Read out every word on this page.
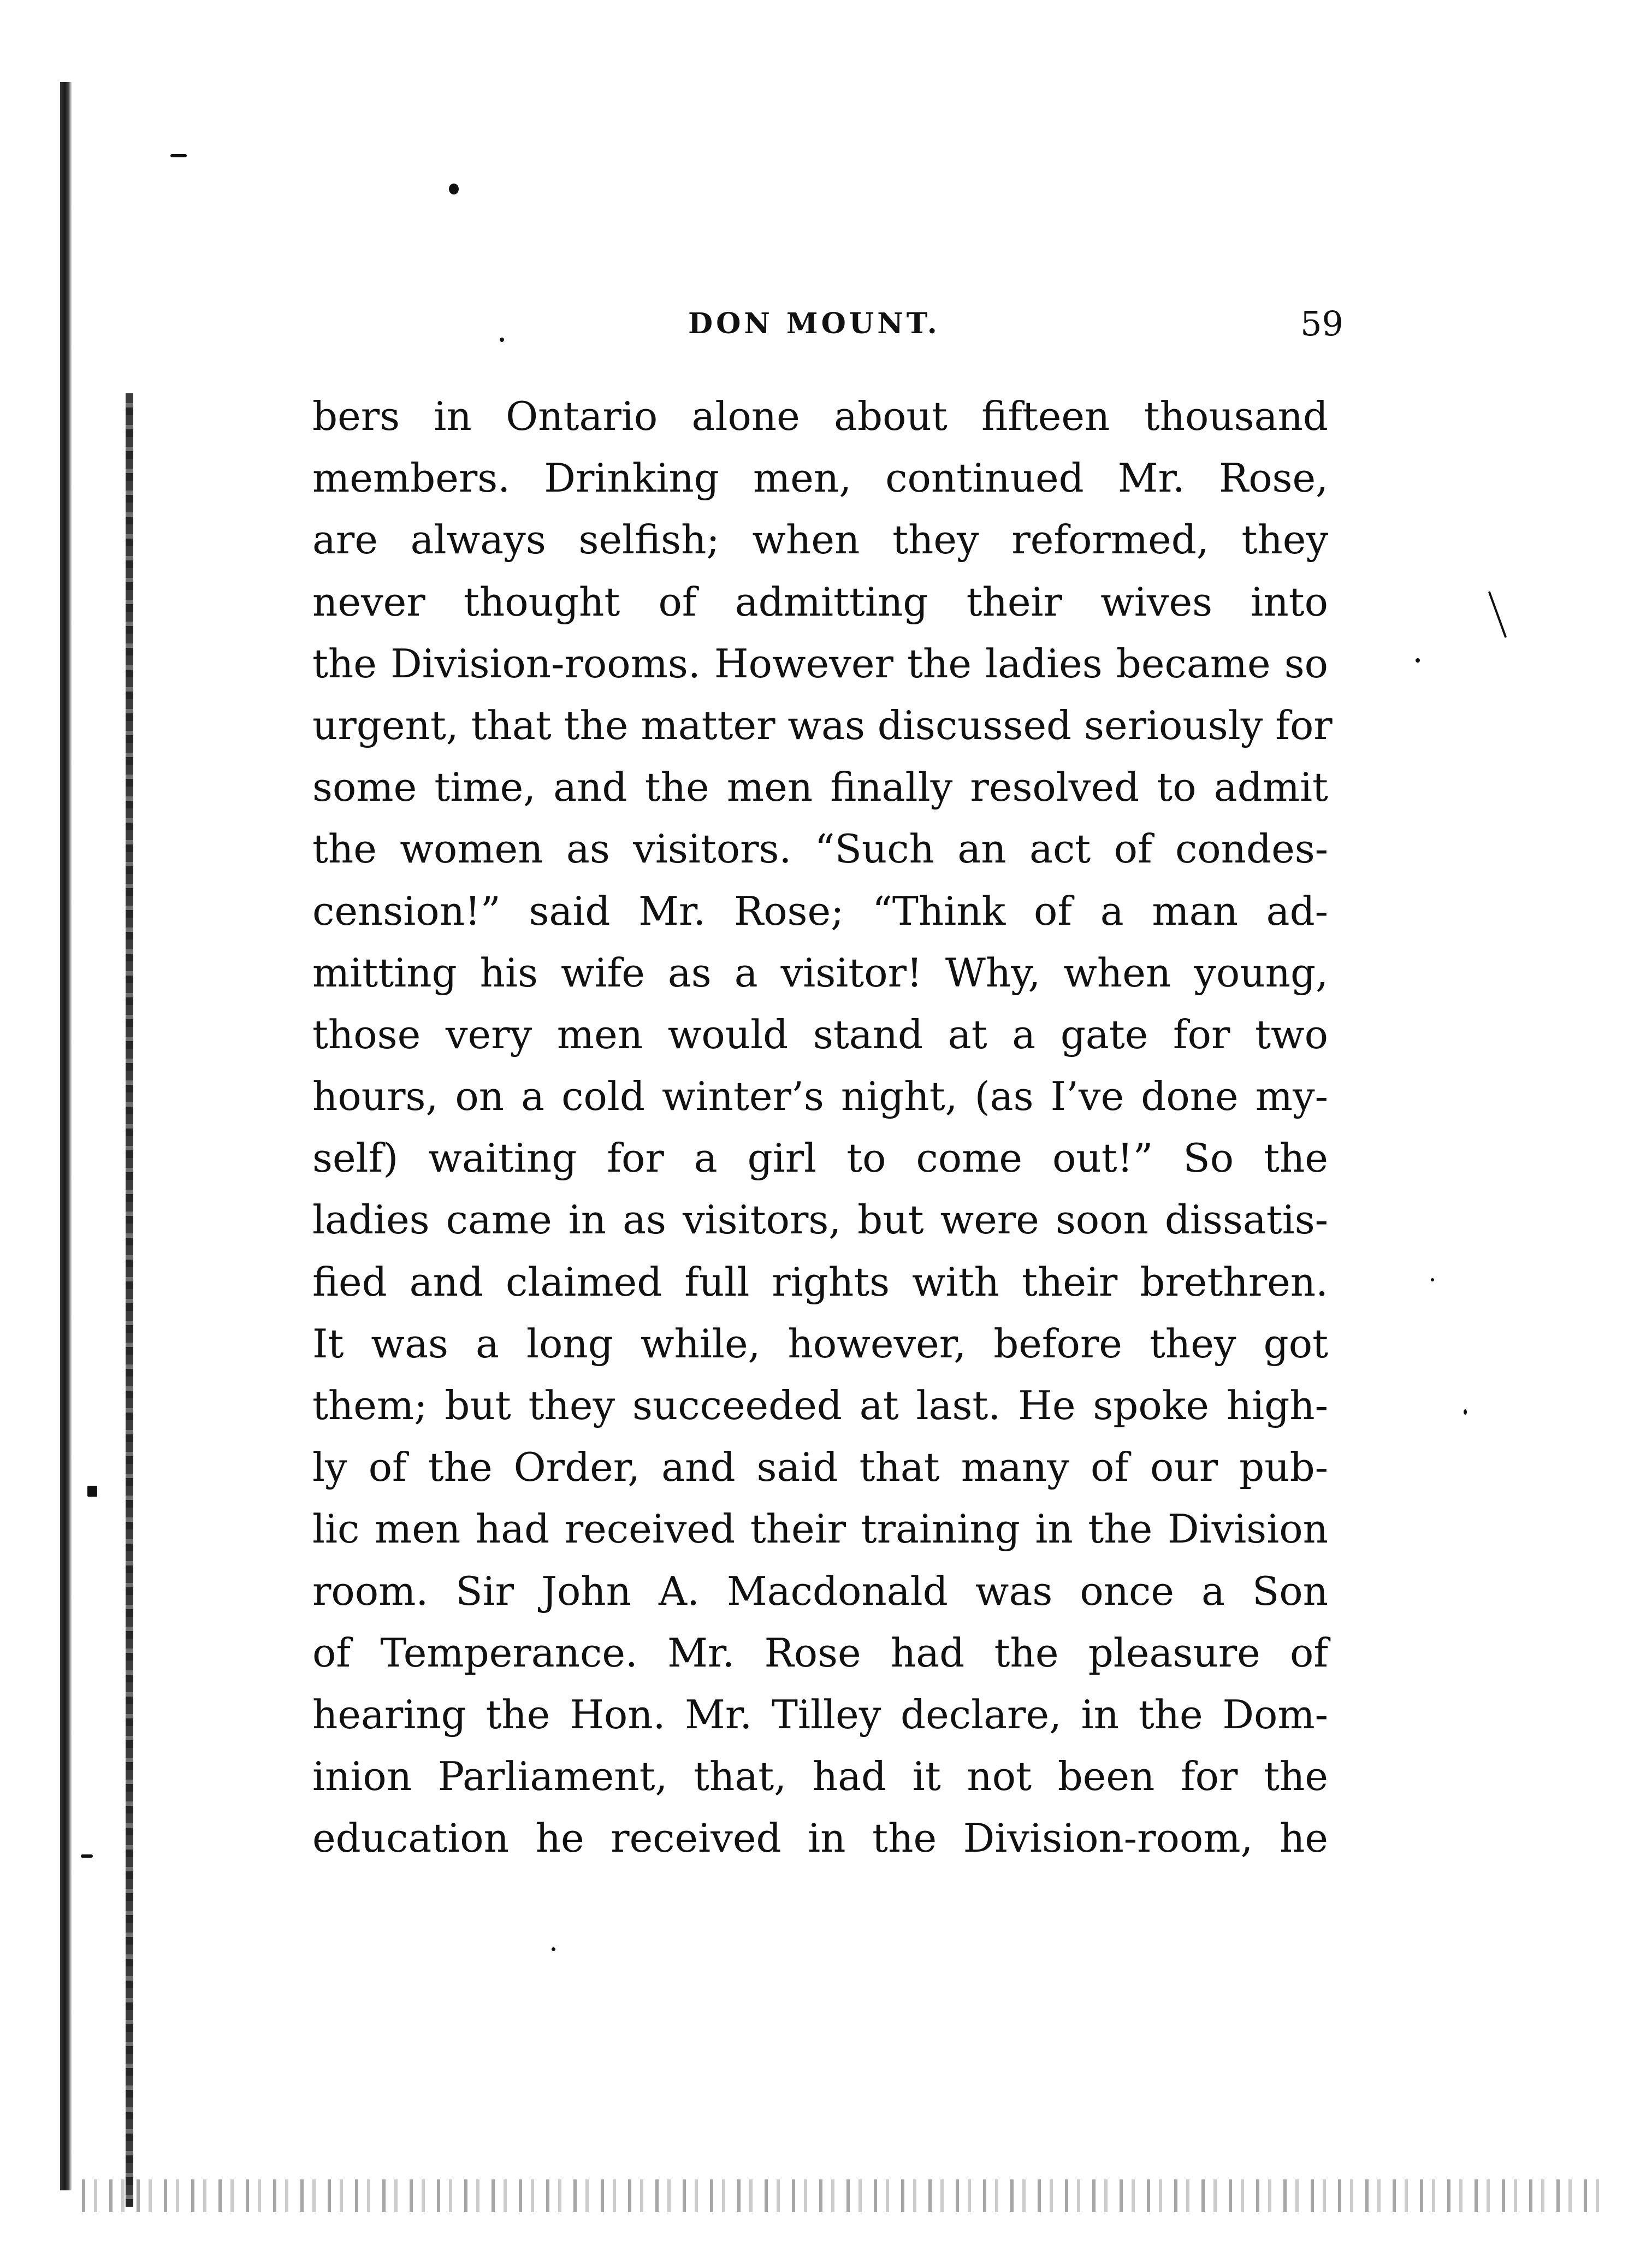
DON MOUNT.	59
bers in Ontario alone about fifteen thousand
members. Drinking men, continued Mr. Rose,
are always selfish; when they reformed, they
never thought of admitting their wives into
the Division-rooms. However the ladies became so
urgent, that the matter was discussed seriously for
some time, and the men finally resolved to admit
the women as visitors. “Such an act of condes-
cension!” said Mr. Rose; “Think of a man ad-
mitting his wife as a visitor! Why, when young,
those very men would stand at a gate for two
hours, on a cold winter’s night, (as I’ve done my-
self) waiting for a girl to come out!” So the
ladies came in as visitors, but were soon dissatis-
fied and claimed full rights with their brethren.
It was a long while, however, before they got
them; but they succeeded at last. He spoke high-
ly of the Order, and said that many of our pub-
lic men had received their training in the Division
room. Sir John A. Macdonald was once a Son
of Temperance. Mr. Rose had the pleasure of
hearing the Hon. Mr. Tilley declare, in the Dom-
inion Parliament, that, had it not been for the
education he received in the Division-room, he
